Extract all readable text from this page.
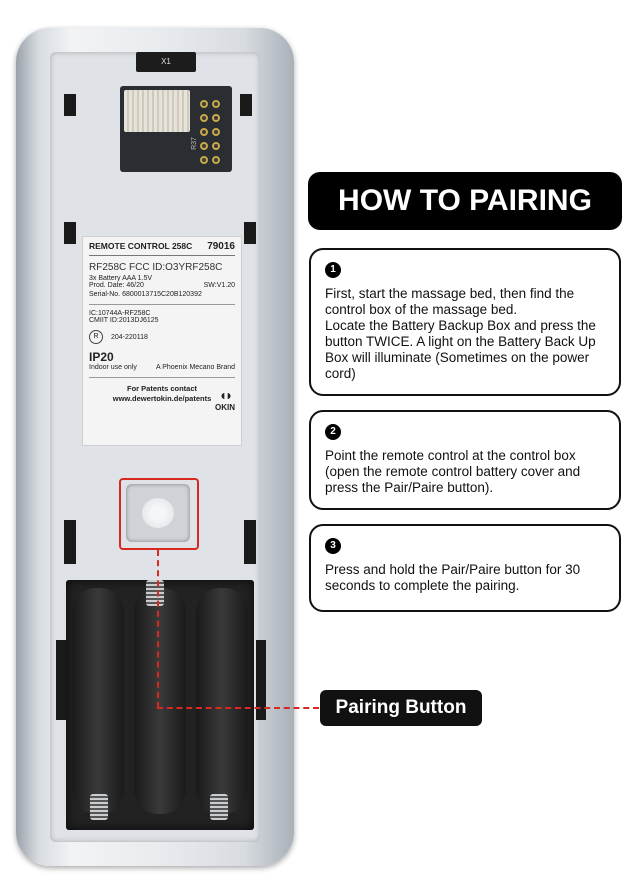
X1
R37
REMOTE CONTROL 258C 79016
RF258C FCC ID:O3YRF258C
3x Battery AAA 1.5V
Prod. Date: 46/20	SW:V1.20
Serial-No. 6800013715C20B120392
IC:10744A-RF258C
CMIIT ID:2013DJ6125
R	204-220118
IP20
Indoor use only	A Phoenix Mecano Brand
For Patents contact
www.dewertokin.de/patents ◖◗
OKIN
Pairing Button
HOW TO PAIRING
1
First, start the massage bed, then find the control box of the massage bed.
Locate the Battery Backup Box and press the button TWICE. A light on the Battery Back Up Box will illuminate (Sometimes on the power cord)
2
Point the remote control at the control box (open the remote control battery cover and press the Pair/Paire button).
3
Press and hold the Pair/Paire button for 30 seconds to complete the pairing.
